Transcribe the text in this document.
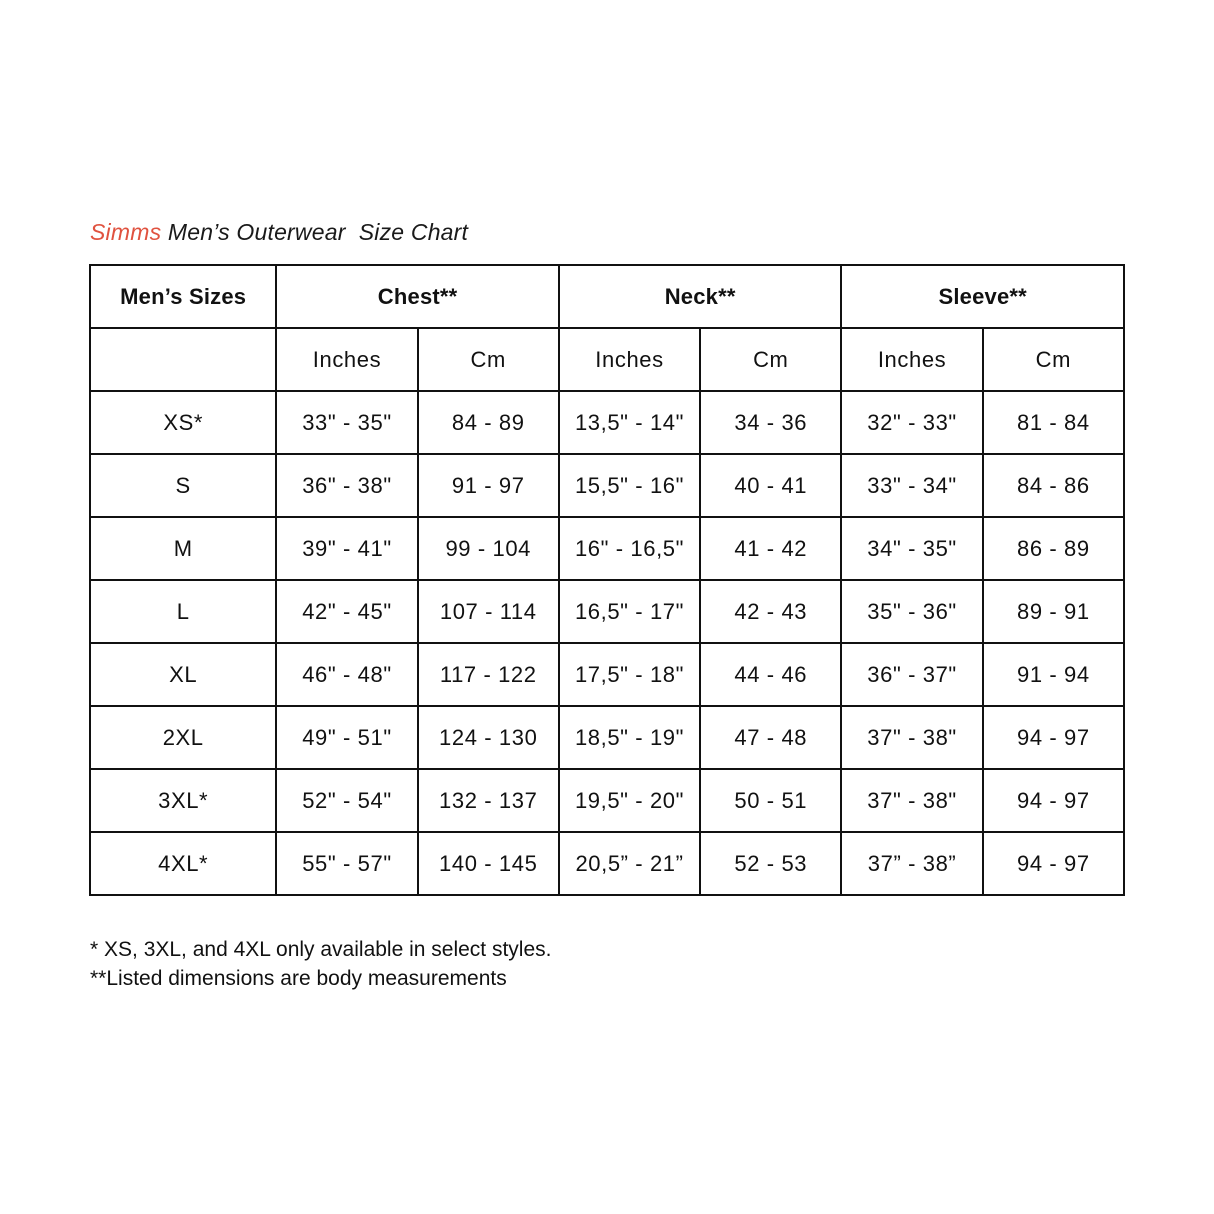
Simms Men’s Outerwear  Size Chart
Men’s Sizes	Chest**		Neck**		Sleeve**	
	Inches	Cm	Inches	Cm	Inches	Cm
XS*	33" - 35"	84 - 89	13,5" - 14"	34 - 36	32" - 33"	81 - 84
S	36" - 38"	91 - 97	15,5" - 16"	40 - 41	33" - 34"	84 - 86
M	39" - 41"	99 - 104	16" - 16,5"	41 - 42	34" - 35"	86 - 89
L	42" - 45"	107 - 114	16,5" - 17"	42 - 43	35" - 36"	89 - 91
XL	46" - 48"	117 - 122	17,5" - 18"	44 - 46	36" - 37"	91 - 94
2XL	49" - 51"	124 - 130	18,5" - 19"	47 - 48	37" - 38"	94 - 97
3XL*	52" - 54"	132 - 137	19,5" - 20"	50 - 51	37" - 38"	94 - 97
4XL*	55" - 57"	140 - 145	20,5” - 21”	52 - 53	37” - 38”	94 - 97
* XS, 3XL, and 4XL only available in select styles.
**Listed dimensions are body measurements
